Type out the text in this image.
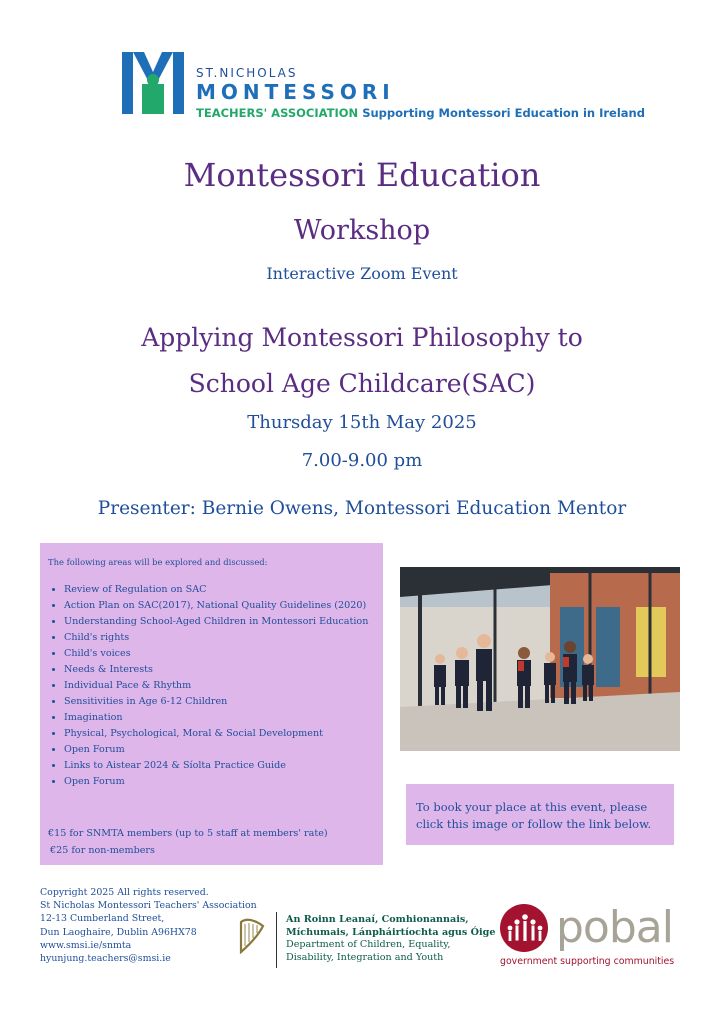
ST.NICHOLAS
MONTESSORI
TEACHERS' ASSOCIATION Supporting Montessori Education in Ireland
Montessori Education
Workshop
Interactive Zoom Event
Applying Montessori Philosophy to
School Age Childcare(SAC)
Thursday 15th May 2025
7.00-9.00 pm
Presenter: Bernie Owens, Montessori Education Mentor
The following areas will be explored and discussed:
• Review of Regulation on SAC
• Action Plan on SAC(2017), National Quality Guidelines (2020)
• Understanding School-Aged Children in Montessori Education
• Child's rights
• Child's voices
• Needs & Interests
• Individual Pace & Rhythm
• Sensitivities in Age 6-12 Children
• Imagination
• Physical, Psychological, Moral & Social Development
• Open Forum
• Links to Aistear 2024 & Síolta Practice Guide
• Open Forum
€15 for SNMTA members (up to 5 staff at members' rate)
€25 for non-members
To book your place at this event, please click this image or follow the link below.
Copyright 2025 All rights reserved.
St Nicholas Montessori Teachers' Association
12-13 Cumberland Street,
Dun Laoghaire, Dublin A96HX78
www.smsi.ie/snmta
hyunjung.teachers@smsi.ie
An Roinn Leanaí, Comhionannais,
Míchumais, Lánpháirtíochta agus Óige
Department of Children, Equality,
Disability, Integration and Youth
pobal
government supporting communities
